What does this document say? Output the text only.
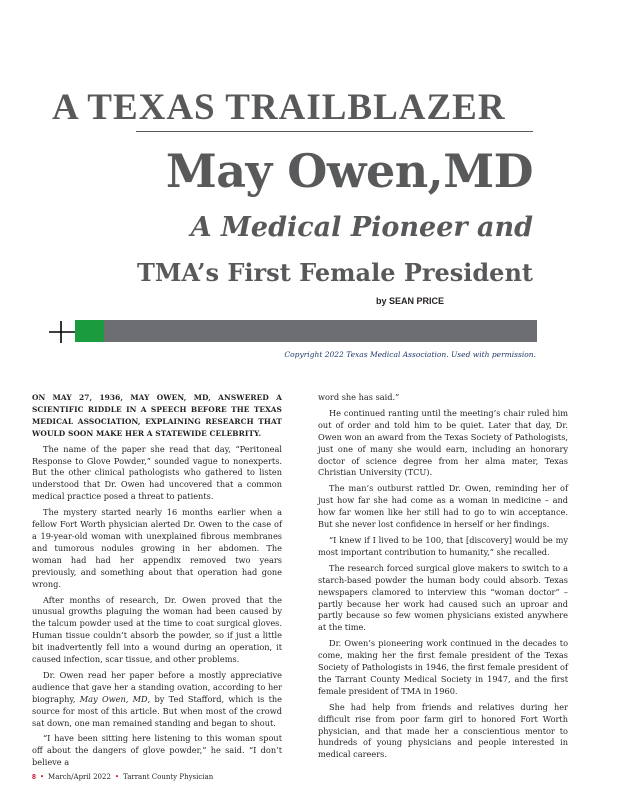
A TEXAS TRAILBLAZER
May Owen,MD
A Medical Pioneer and
TMA’s First Female President
by SEAN PRICE
Copyright 2022 Texas Medical Association. Used with permission.

ON MAY 27, 1936, MAY OWEN, MD, ANSWERED A SCIENTIFIC RIDDLE IN A SPEECH BEFORE THE TEXAS MEDICAL ASSOCIATION, EXPLAINING RESEARCH THAT WOULD SOON MAKE HER A STATEWIDE CELEBRITY.

The name of the paper she read that day, “Peritoneal Response to Glove Powder,” sounded vague to nonexperts. But the other clinical pathologists who gathered to listen understood that Dr. Owen had uncovered that a common medical practice posed a threat to patients.

The mystery started nearly 16 months earlier when a fellow Fort Worth physician alerted Dr. Owen to the case of a 19-year-old woman with unexplained fibrous membranes and tumorous nodules growing in her abdomen. The woman had had her appendix removed two years previously, and something about that operation had gone wrong.

After months of research, Dr. Owen proved that the unusual growths plaguing the woman had been caused by the talcum powder used at the time to coat surgical gloves. Human tissue couldn’t absorb the powder, so if just a little bit inadvertently fell into a wound during an operation, it caused infection, scar tissue, and other problems.

Dr. Owen read her paper before a mostly appreciative audience that gave her a standing ovation, according to her biography, May Owen, MD, by Ted Stafford, which is the source for most of this article. But when most of the crowd sat down, one man remained standing and began to shout.

“I have been sitting here listening to this woman spout off about the dangers of glove powder,” he said. “I don’t believe a

word she has said.”

He continued ranting until the meeting’s chair ruled him out of order and told him to be quiet. Later that day, Dr. Owen won an award from the Texas Society of Pathologists, just one of many she would earn, including an honorary doctor of science degree from her alma mater, Texas Christian University (TCU).

The man’s outburst rattled Dr. Owen, reminding her of just how far she had come as a woman in medicine – and how far women like her still had to go to win acceptance. But she never lost confidence in herself or her findings.

“I knew if I lived to be 100, that [discovery] would be my most important contribution to humanity,” she recalled.

The research forced surgical glove makers to switch to a starch-based powder the human body could absorb. Texas newspapers clamored to interview this “woman doctor” – partly because her work had caused such an uproar and partly because so few women physicians existed anywhere at the time.

Dr. Owen’s pioneering work continued in the decades to come, making her the first female president of the Texas Society of Pathologists in 1946, the first female president of the Tarrant County Medical Society in 1947, and the first female president of TMA in 1960.

She had help from friends and relatives during her difficult rise from poor farm girl to honored Fort Worth physician, and that made her a conscientious mentor to hundreds of young physicians and people interested in medical careers.

8 • March/April 2022 • Tarrant County Physician
